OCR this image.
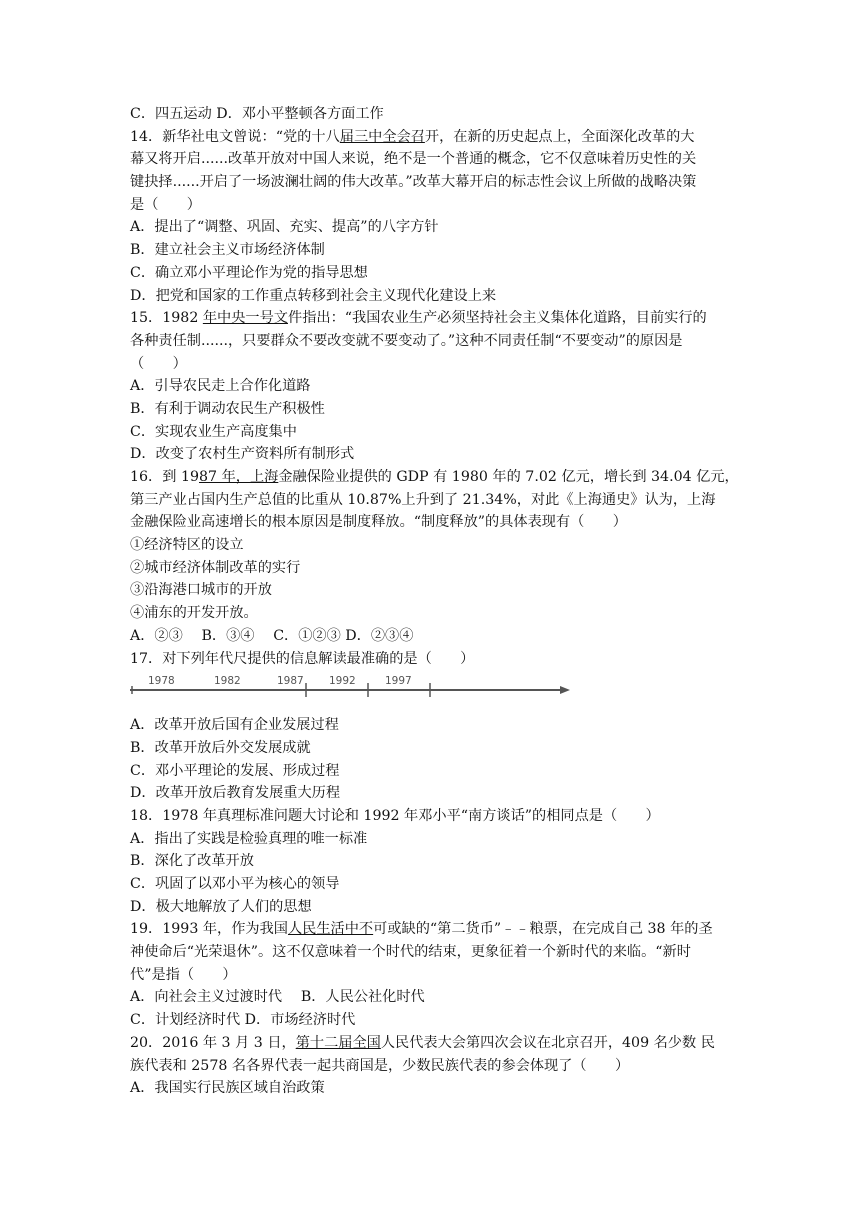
C．四五运动 D．邓小平整顿各方面工作
14．新华社电文曾说：“党的十八届三中全会召开，在新的历史起点上，全面深化改革的大
幕又将开启......改革开放对中国人来说，绝不是一个普通的概念，它不仅意味着历史性的关
键抉择......开启了一场波澜壮阔的伟大改革。”改革大幕开启的标志性会议上所做的战略决策
是（　　）
A．提出了“调整、巩固、充实、提高”的八字方针
B．建立社会主义市场经济体制
C．确立邓小平理论作为党的指导思想
D．把党和国家的工作重点转移到社会主义现代化建设上来
15．1982 年中央一号文件指出：“我国农业生产必须坚持社会主义集体化道路，目前实行的
各种责任制......，只要群众不要改变就不要变动了。”这种不同责任制“不要变动”的原因是
（　　）
A．引导农民走上合作化道路
B．有利于调动农民生产积极性
C．实现农业生产高度集中
D．改变了农村生产资料所有制形式
16．到 1987 年，上海金融保险业提供的 GDP 有 1980 年的 7.02 亿元，增长到 34.04 亿元，
第三产业占国内生产总值的比重从 10.87%上升到了 21.34%，对此《上海通史》认为，上海
金融保险业高速增长的根本原因是制度释放。“制度释放”的具体表现有（　　）
①经济特区的设立
②城市经济体制改革的实行
③沿海港口城市的开放
④浦东的开发开放。
A．②③　 B．③④　 C．①②③ D．②③④
17．对下列年代尺提供的信息解读最准确的是（　　）
1978	1982	1987 1992	1997
A．改革开放后国有企业发展过程
B．改革开放后外交发展成就
C．邓小平理论的发展、形成过程
D．改革开放后教育发展重大历程
18．1978 年真理标准问题大讨论和 1992 年邓小平“南方谈话”的相同点是（　　）
A．指出了实践是检验真理的唯一标准
B．深化了改革开放
C．巩固了以邓小平为核心的领导
D．极大地解放了人们的思想
19．1993 年，作为我国人民生活中不可或缺的“第二货币”﹣﹣粮票，在完成自己 38 年的圣
神使命后“光荣退休”。这不仅意味着一个时代的结束，更象征着一个新时代的来临。“新时
代”是指（　　）
A．向社会主义过渡时代　 B．人民公社化时代
C．计划经济时代 D．市场经济时代
20．2016 年 3 月 3 日，第十二届全国人民代表大会第四次会议在北京召开，409 名少数 民
族代表和 2578 名各界代表一起共商国是，少数民族代表的参会体现了（　　）
A．我国实行民族区域自治政策
